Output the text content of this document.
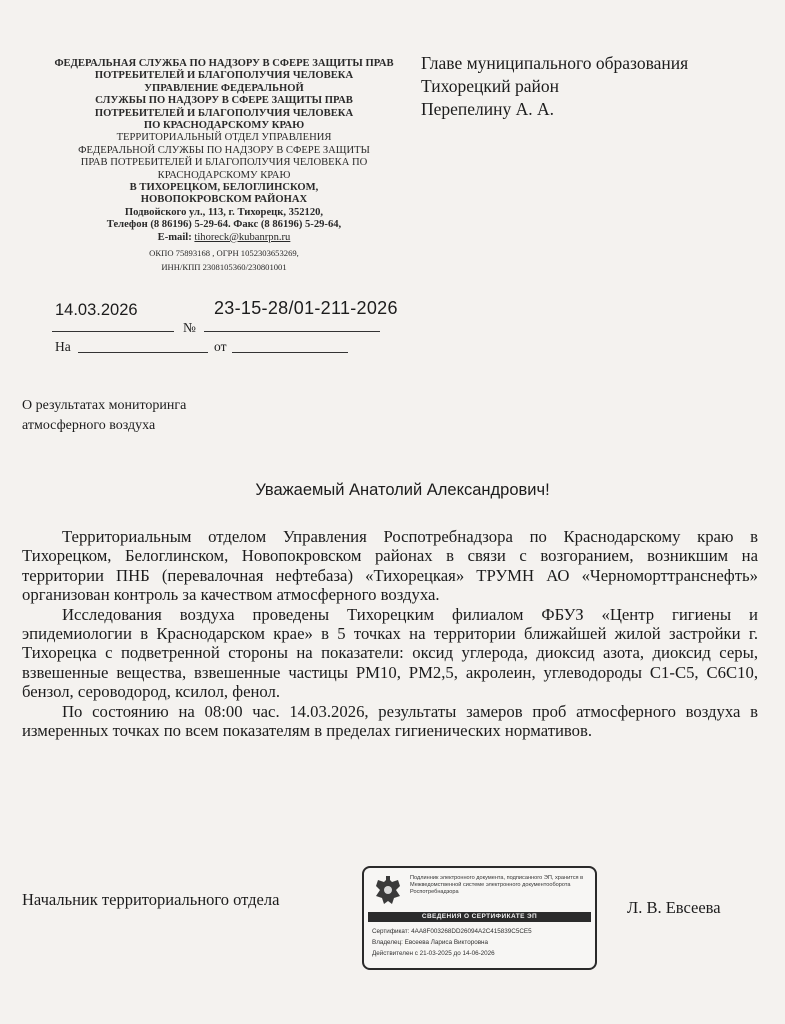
ФЕДЕРАЛЬНАЯ СЛУЖБА ПО НАДЗОРУ В СФЕРЕ ЗАЩИТЫ ПРАВ
ПОТРЕБИТЕЛЕЙ И БЛАГОПОЛУЧИЯ ЧЕЛОВЕКА
УПРАВЛЕНИЕ ФЕДЕРАЛЬНОЙ
СЛУЖБЫ ПО НАДЗОРУ В СФЕРЕ ЗАЩИТЫ ПРАВ
ПОТРЕБИТЕЛЕЙ И БЛАГОПОЛУЧИЯ ЧЕЛОВЕКА
ПО КРАСНОДАРСКОМУ КРАЮ
ТЕРРИТОРИАЛЬНЫЙ ОТДЕЛ УПРАВЛЕНИЯ
ФЕДЕРАЛЬНОЙ СЛУЖБЫ ПО НАДЗОРУ В СФЕРЕ ЗАЩИТЫ
ПРАВ ПОТРЕБИТЕЛЕЙ И БЛАГОПОЛУЧИЯ ЧЕЛОВЕКА ПО
КРАСНОДАРСКОМУ КРАЮ
В ТИХОРЕЦКОМ, БЕЛОГЛИНСКОМ,
НОВОПОКРОВСКОМ РАЙОНАХ
Подвойского ул., 113, г. Тихорецк, 352120,
Телефон (8 86196) 5-29-64. Факс (8 86196) 5-29-64,
E-mail: tihoreck@kubanrpn.ru
ОКПО 75893168 , ОГРН 1052303653269,
ИНН/КПП 2308105360/230801001
Главе муниципального образования
Тихорецкий район
Перепелину А. А.
14.03.2026	23-15-28/01-211-2026
№
На	от
О результатах мониторинга
атмосферного воздуха
Уважаемый Анатолий Александрович!

Территориальным отделом Управления Роспотребнадзора по Краснодарскому краю в Тихорецком, Белоглинском, Новопокровском районах в связи с возгоранием, возникшим на территории ПНБ (перевалочная нефтебаза) «Тихорецкая» ТРУМН АО «Черноморттранснефть» организован контроль за качеством атмосферного воздуха.

Исследования воздуха проведены Тихорецким филиалом ФБУЗ «Центр гигиены и эпидемиологии в Краснодарском крае» в 5 точках на территории ближайшей жилой застройки г. Тихорецка с подветренной стороны на показатели: оксид углерода, диоксид азота, диоксид серы, взвешенные вещества, взвешенные частицы РМ10, РМ2,5, акролеин, углеводороды С1-С5, С6С10, бензол, сероводород, ксилол, фенол.

По состоянию на 08:00 час. 14.03.2026, результаты замеров проб атмосферного воздуха в измеренных точках по всем показателям в пределах гигиенических нормативов.

Начальник территориального отдела	Л. В. Евсеева
Подлинник электронного документа, подписанного ЭП, хранится в Межведомственной системе электронного документооборота Роспотребнадзора
СВЕДЕНИЯ О СЕРТИФИКАТЕ ЭП
Сертификат: 4AA8F003268DD26094A2C415839C5CE5
Владелец: Евсеева Лариса Викторовна
Действителен с 21-03-2025 до 14-06-2026
